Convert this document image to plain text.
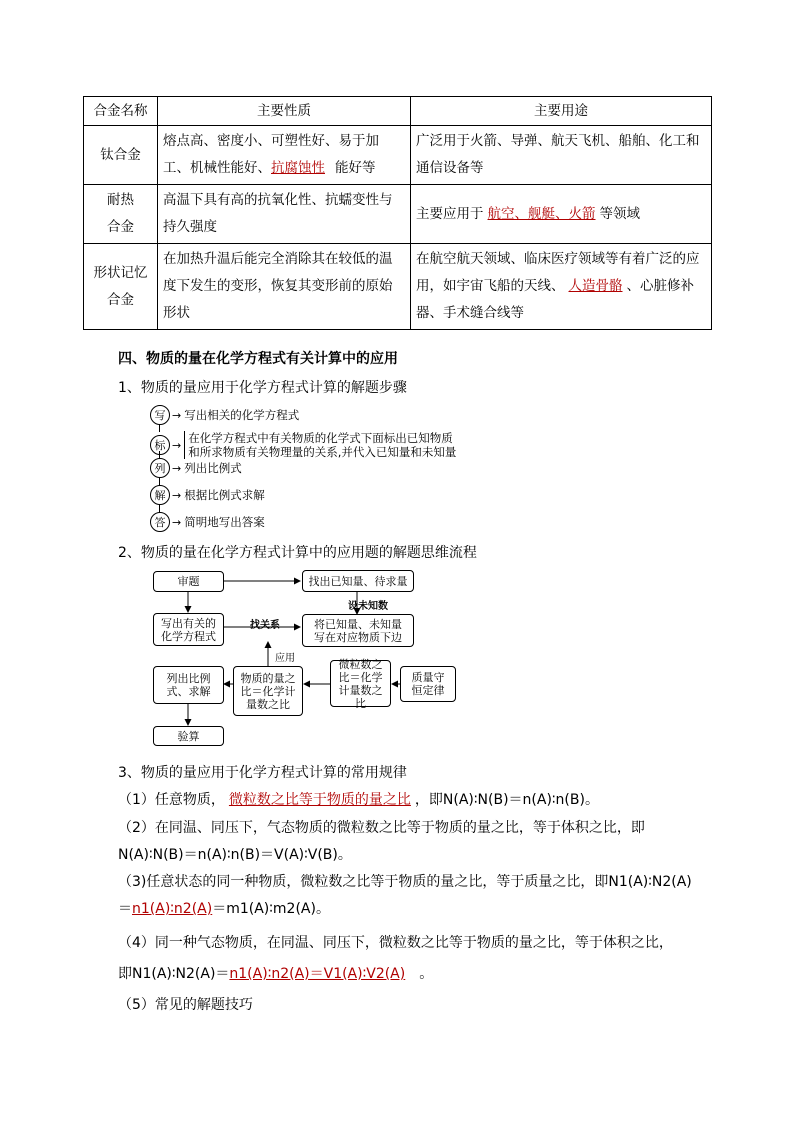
合金名称	主要性质	主要用途
钛合金	熔点高、密度小、可塑性好、易于加工、机械性能好、抗腐蚀性 能好等	广泛用于火箭、导弹、航天飞机、船舶、化工和通信设备等
耐热合金	高温下具有高的抗氧化性、抗蠕变性与持久强度	主要应用于 航空、舰艇、火箭 等领域
形状记忆合金	在加热升温后能完全消除其在较低的温度下发生的变形，恢复其变形前的原始形状	在航空航天领域、临床医疗领域等有着广泛的应用，如宇宙飞船的天线、 人造骨骼 、心脏修补器、手术缝合线等
四、物质的量在化学方程式有关计算中的应用
1、物质的量应用于化学方程式计算的解题步骤
写 → 写出相关的化学方程式
标 → 在化学方程式中有关物质的化学式下面标出已知物质
和所求物质有关物理量的关系,并代入已知量和未知量
列 → 列出比例式
解 → 根据比例式求解
答 → 简明地写出答案
2、物质的量在化学方程式计算中的应用题的解题思维流程
审题	找出已知量、待求量
设未知数
写出有关的化学方程式
找关系	将已知量、未知量写在对应物质下边
应用
列出比例式、求解
物质的量之比＝化学计量数之比
微粒数之比＝化学计量数之比
质量守恒定律
验算
3、物质的量应用于化学方程式计算的常用规律
（1）任意物质， 微粒数之比等于物质的量之比 ，即N(A)∶N(B)＝n(A)∶n(B)。
（2）在同温、同压下，气态物质的微粒数之比等于物质的量之比，等于体积之比，即
N(A)∶N(B)＝n(A)∶n(B)＝V(A)∶V(B)。
（3)任意状态的同一种物质，微粒数之比等于物质的量之比，等于质量之比，即N1(A)∶N2(A)
＝n1(A)∶n2(A)＝m1(A)∶m2(A)。
（4）同一种气态物质，在同温、同压下，微粒数之比等于物质的量之比，等于体积之比，
即N1(A)∶N2(A)＝n1(A)∶n2(A)＝V1(A)∶V2(A) 。
（5）常见的解题技巧
